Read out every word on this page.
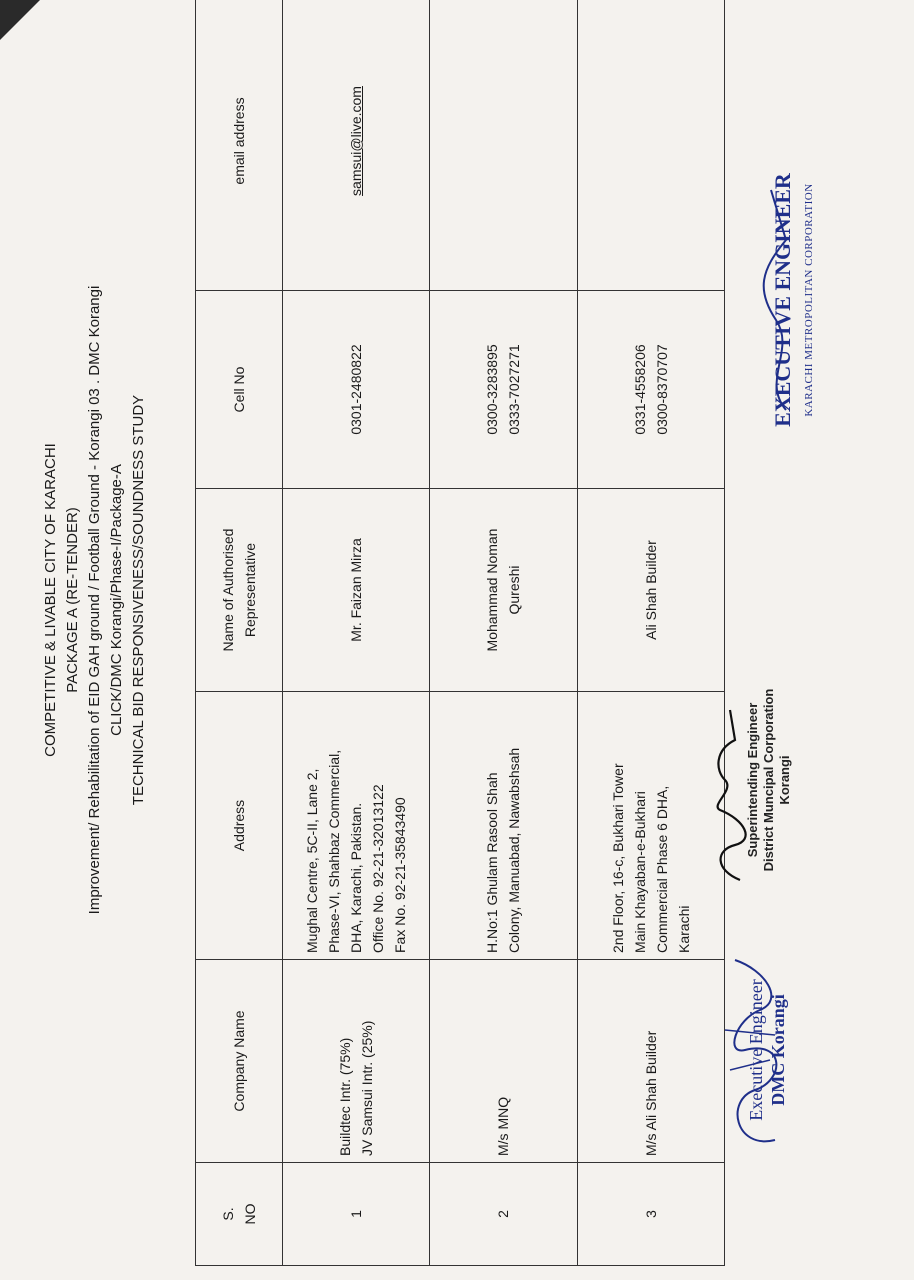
COMPETITIVE & LIVABLE CITY OF KARACHI PACKAGE A (RE-TENDER) Improvement/ Rehabilitation of EID GAH ground / Football Ground - Korangi 03 . DMC Korangi CLICK/DMC Korangi/Phase-I/Package-A TECHNICAL BID RESPONSIVENESS/SOUNDNESS STUDY
S. NO	Company Name	Address	Name of Authorised Representative	Cell No	email address
1	Buildtec Intr. (75%) JV Samsui Intr. (25%)	Mughal Centre, 5C-II, Lane 2, Phase-VI, Shahbaz Commercial, DHA, Karachi, Pakistan. Office No. 92-21-32013122 Fax No. 92-21-35843490	Mr. Faizan Mirza	0301-2480822	samsui@live.com
2	M/s MNQ	H.No:1 Ghulam Rasool Shah Colony, Manuabad, Nawabshsah	Mohammad Noman Qureshi	0300-3283895 0333-7027271	

3	M/s Ali Shah Builder	2nd Floor, 16-c, Bukhari Tower Main Khayaban-e-Bukhari Commercial Phase 6 DHA, Karachi	Ali Shah Builder	0331-4558206 0300-8370707	

Executive Engineer DMC Korangi
Superintending Engineer District Muncipal Corporation Korangi
EXECUTIVE ENGINEER KARACHI METROPOLITAN CORPORATION
